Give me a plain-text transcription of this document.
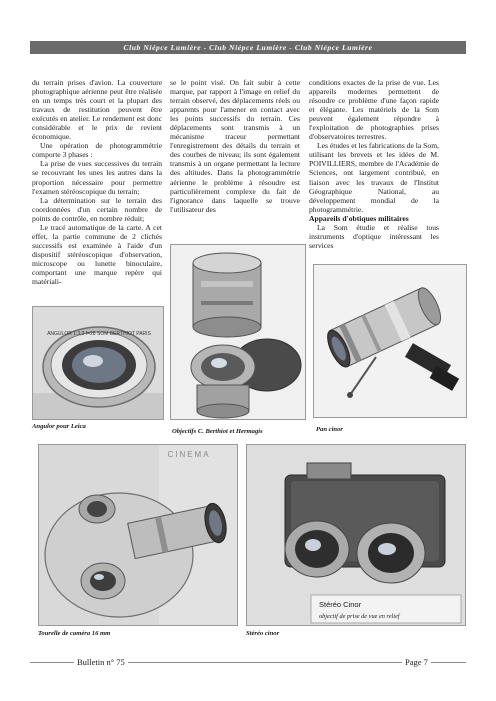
Club Niépce Lumière - Club Niépce Lumière - Club Niépce Lumière

du terrain prises d'avion. La couverture photographique aérienne peut être réalisée en un temps très court et la plupart des travaux de restitution peuvent être exécutés en atelier. Le rendement est donc considérable et le prix de revient économique.

Une opération de photogrammétrie comporte 3 phases :

La prise de vues successives du terrain se recouvrant les unes les autres dans la proportion nécessaire pour permettre l'examen stéréoscopique du terrain;

La détermination sur le terrain des coordonnées d'un certain nombre de points de contrôle, en nombre réduit;

Le tracé automatique de la carte. A cet effet, la partie commune de 2 clichés successifs est examinée à l'aide d'un dispositif stéréoscopique d'observation, microscope ou lunette binoculaire, comportant une marque repère qui matériali-

se le point visé. On fait subir à cette marque, par rapport à l'image en relief du terrain observé, des déplacements réels ou apparents pour l'amener en contact avec les points successifs du terrain. Ces déplacements sont transmis à un mécanisme traceur permettant l'enregistrement des détails du terrain et des courbes de niveau; ils sont également transmis à un organe permettant la lecture des altitudes. Dans la photogrammétrie aérienne le problème à résoudre est particulièrement complexe du fait de l'ignorance dans laquelle se trouve l'utilisateur des

conditions exactes de la prise de vue. Les appareils modernes permettent de résoudre ce problème d'une façon rapide et élégante. Les matériels de la Som peuvent également répondre à l'exploitation de photographies prises d'observatoires terrestres.

Les études et les fabrications de la Som, utilisant les brevets et les idées de M. POIVILLIERS, membre de l'Académie de Sciences, ont largement contribué, en liaison avec les travaux de l'Institut Géographique National, au développement mondial de la photogrammétrie.

Appareils d'obtiques militaires

La Som étudie et réalise tous instruments d'optique intéressant les services

ANGULOR 1:3,3 f=28 SOM BERTHIOT PARIS
Angulor pour Leica
Objectifs C. Berthiot et Hermagis	Pan cinor
CINEMA
Tourelle de caméra 16 mm
Stéréo Cinor
objectif de prise de vue en relief
Stéréo cinor
Bulletin n° 75	Page 7
